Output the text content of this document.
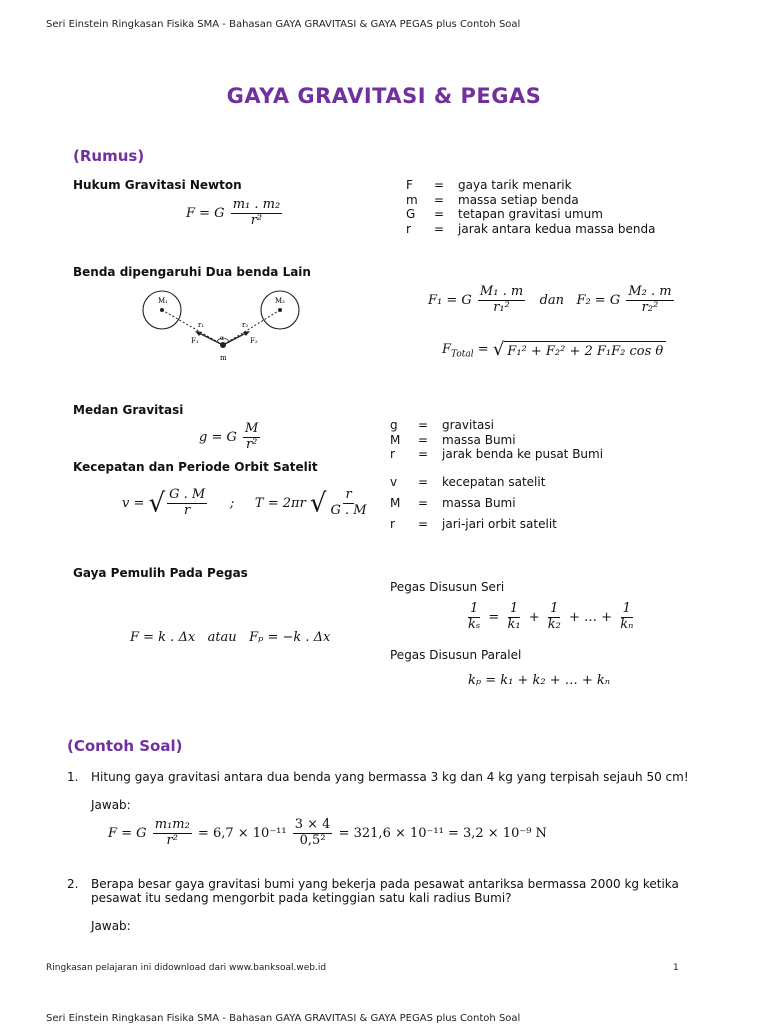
Seri Einstein Ringkasan Fisika SMA - Bahasan GAYA GRAVITASI & GAYA PEGAS plus Contoh Soal
GAYA GRAVITASI & PEGAS
(Rumus)
Hukum Gravitasi Newton
F = G $\frac{\text{m₁ . m₂}}{\text{r²}}$
F	=	gaya tarik menarik
m	=	massa setiap benda
G	=	tetapan gravitasi umum
r	=	jarak antara kedua massa benda
Benda dipengaruhi Dua benda Lain
M₁	M₂
r₁	r₂
F₁	F₂
α
m
F₁ = G $\frac{\text{M₁ . m}}{\text{r₁²}}$ dan F₂ = G $\frac{\text{M₂ . m}}{\text{r₂²}}$
$F_{Total}$ = √ F₁² + F₂² + 2 F₁F₂ cos θ
Medan Gravitasi
g = G $\frac{M}{\text{r²}}$	g	=	gravitasi
M	=	massa Bumi
r	=	jarak benda ke pusat Bumi
Kecepatan dan Periode Orbit Satelit
v = √ $\frac{G . M}{r}$ ; T = 2πr √ $\frac{r}{G . M}$
v	=	kecepatan satelit
M	=	massa Bumi
r	=	jari-jari orbit satelit
Gaya Pemulih Pada Pegas
F = k . Δx atau Fₚ = −k . Δx
Pegas Disusun Seri
$\frac{1}{\text{kₛ}} = \frac{1}{\text{k₁}} + \frac{1}{\text{k₂}}$ + … + $\frac{1}{\text{kₙ}}$
Pegas Disusun Paralel
kₚ = k₁ + k₂ + … + kₙ
(Contoh Soal)
1. Hitung gaya gravitasi antara dua benda yang bermassa 3 kg dan 4 kg yang terpisah sejauh 50 cm!
Jawab:
F = G $\frac{\text{m₁m₂}}{\text{r²}} = 6,7 \times 10^{-11} \frac{3 \times 4}{\text{0,5²}} = 321,6 \times 10^{-11} = 3,2 \times 10^{-9}$ N
2. Berapa besar gaya gravitasi bumi yang bekerja pada pesawat antariksa bermassa 2000 kg ketika pesawat itu sedang mengorbit pada ketinggian satu kali radius Bumi?
Jawab:
Ringkasan pelajaran ini didownload dari www.banksoal.web.id	1
Seri Einstein Ringkasan Fisika SMA - Bahasan GAYA GRAVITASI & GAYA PEGAS plus Contoh Soal
